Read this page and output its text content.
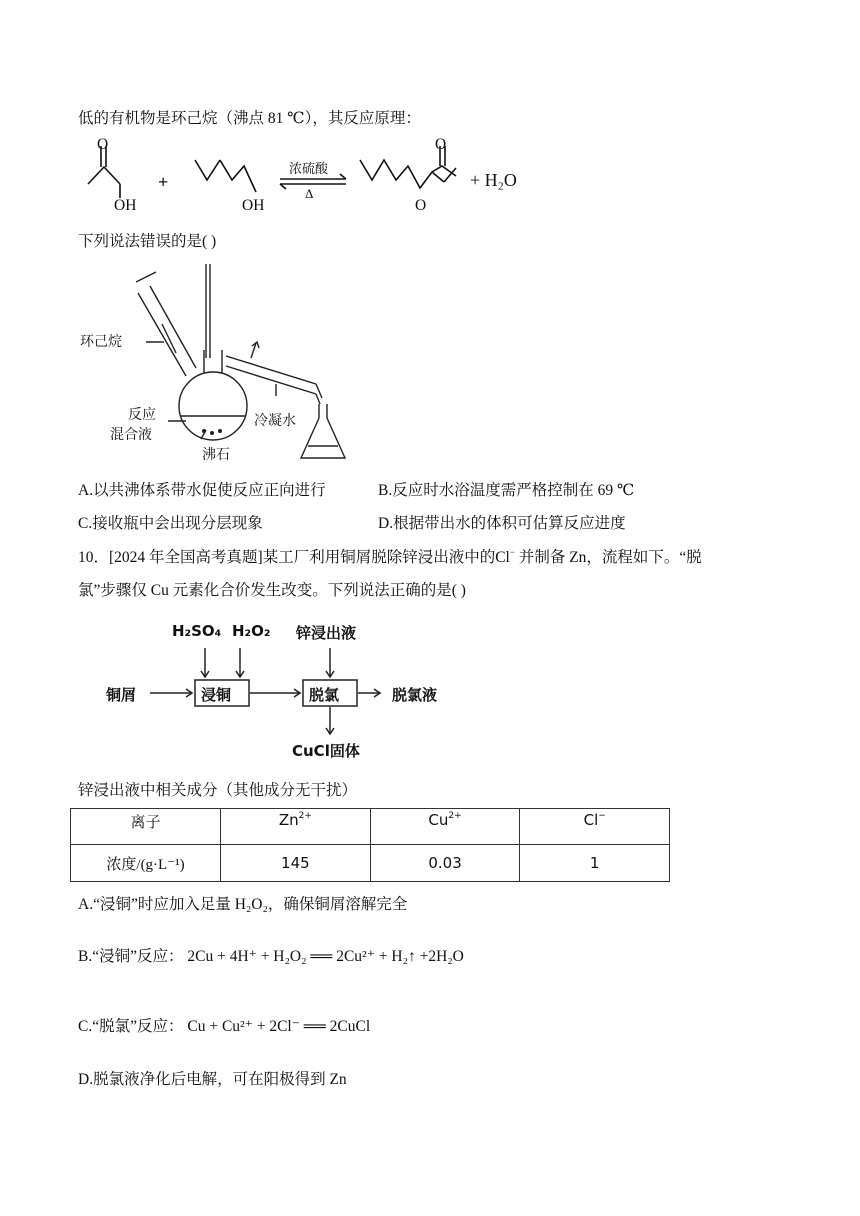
低的有机物是环己烷（沸点 81 ℃），其反应原理：
O
OH
+
OH
浓硫酸
Δ
O
O
+ H₂O
下列说法错误的是( )
环己烷
反应
混合液
沸石
冷凝水
A.以共沸体系带水促使反应正向进行	B.反应时水浴温度需严格控制在 69 ℃
C.接收瓶中会出现分层现象	D.根据带出水的体积可估算反应进度
10．[2024 年全国高考真题]某工厂利用铜屑脱除锌浸出液中的Cl− 并制备 Zn，流程如下。“脱
氯”步骤仅 Cu 元素化合价发生改变。下列说法正确的是( )
H₂SO₄ H₂O₂ 锌浸出液
铜屑	浸铜	脱氯	脱氯液
CuCl固体
锌浸出液中相关成分（其他成分无干扰）
离子	$Zn^{2+}$	$Cu^{2+}$	Cl−
浓度/(g·L⁻¹)	145	0.03	1
A.“浸铜”时应加入足量 H₂O₂，确保铜屑溶解完全
B.“浸铜”反应： 2Cu + 4H⁺ + H₂O₂ ══ 2Cu²⁺ + H₂↑ +2H₂O
C.“脱氯”反应： Cu + Cu²⁺ + 2Cl⁻ ══ 2CuCl
D.脱氯液净化后电解，可在阳极得到 Zn
